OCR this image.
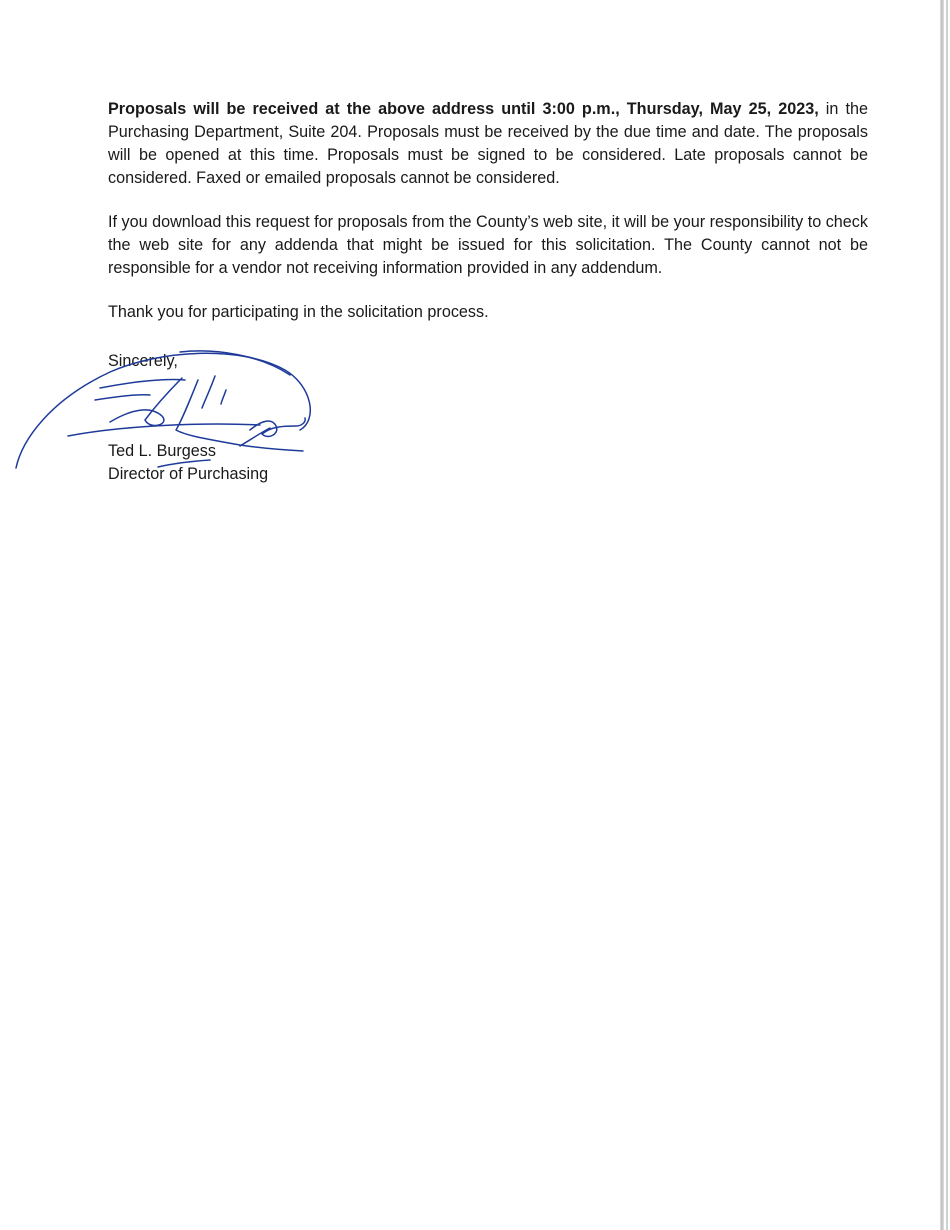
Proposals will be received at the above address until 3:00 p.m., Thursday, May 25, 2023, in the Purchasing Department, Suite 204. Proposals must be received by the due time and date. The proposals will be opened at this time. Proposals must be signed to be considered. Late proposals cannot be considered. Faxed or emailed proposals cannot be considered.

If you download this request for proposals from the County’s web site, it will be your responsibility to check the web site for any addenda that might be issued for this solicitation. The County cannot not be responsible for a vendor not receiving information provided in any addendum.

Thank you for participating in the solicitation process.

Sincerely,
Ted L. Burgess
Director of Purchasing
